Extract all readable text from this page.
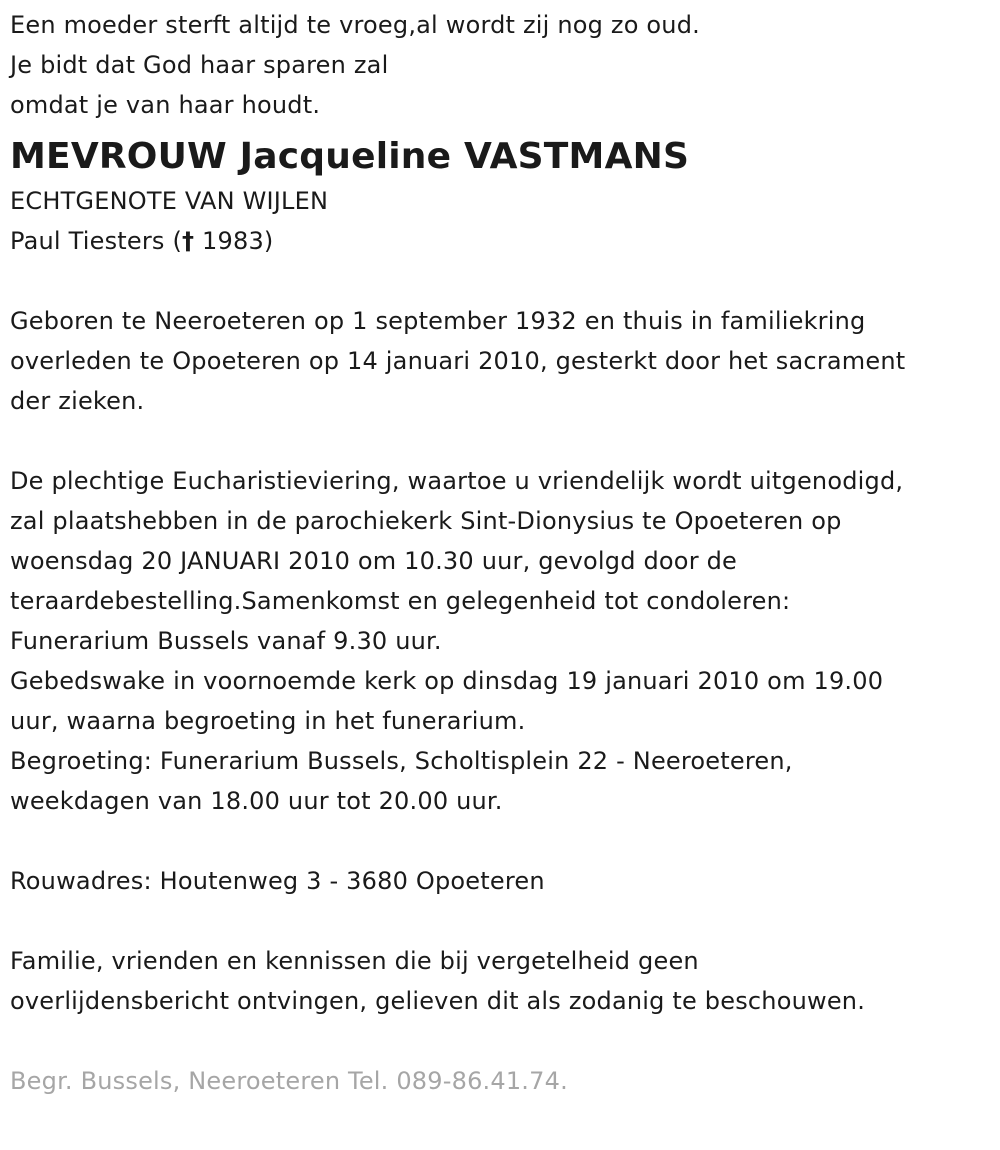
Een moeder sterft altijd te vroeg,al wordt zij nog zo oud.
Je bidt dat God haar sparen zal
omdat je van haar houdt.
MEVROUW Jacqueline VASTMANS
ECHTGENOTE VAN WIJLEN
Paul Tiesters († 1983)
Geboren te Neeroeteren op 1 september 1932 en thuis in familiekring
overleden te Opoeteren op 14 januari 2010, gesterkt door het sacrament
der zieken.
De plechtige Eucharistieviering, waartoe u vriendelijk wordt uitgenodigd,
zal plaatshebben in de parochiekerk Sint-Dionysius te Opoeteren op
woensdag 20 JANUARI 2010 om 10.30 uur, gevolgd door de
teraardebestelling.Samenkomst en gelegenheid tot condoleren:
Funerarium Bussels vanaf 9.30 uur.
Gebedswake in voornoemde kerk op dinsdag 19 januari 2010 om 19.00
uur, waarna begroeting in het funerarium.
Begroeting: Funerarium Bussels, Scholtisplein 22 - Neeroeteren,
weekdagen van 18.00 uur tot 20.00 uur.
Rouwadres: Houtenweg 3 - 3680 Opoeteren
Familie, vrienden en kennissen die bij vergetelheid geen
overlijdensbericht ontvingen, gelieven dit als zodanig te beschouwen.
Begr. Bussels, Neeroeteren Tel. 089-86.41.74.
